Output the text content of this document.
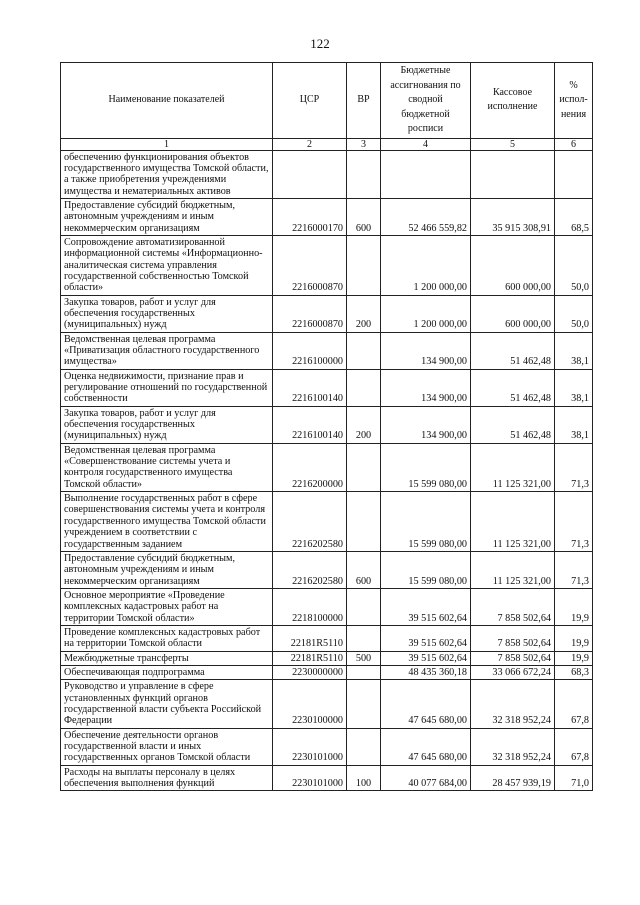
122
Наименование показателей	ЦСР	ВР	Бюджетные ассигнования по сводной бюджетной росписи	Кассовое исполнение	% испол-нения
1	2	3	4	5	6
обеспечению функционирования объектов государственного имущества Томской области, а также приобретения учреждениями имущества и нематериальных активов					
Предоставление субсидий бюджетным, автономным учреждениям и иным некоммерческим организациям	2216000170	600	52 466 559,82	35 915 308,91	68,5
Сопровождение автоматизированной информационной системы «Информационно-аналитическая система управления государственной собственностью Томской области»	2216000870		1 200 000,00	600 000,00	50,0
Закупка товаров, работ и услуг для обеспечения государственных (муниципальных) нужд	2216000870	200	1 200 000,00	600 000,00	50,0
Ведомственная целевая программа «Приватизация областного государственного имущества»	2216100000		134 900,00	51 462,48	38,1
Оценка недвижимости, признание прав и регулирование отношений по государственной собственности	2216100140		134 900,00	51 462,48	38,1
Закупка товаров, работ и услуг для обеспечения государственных (муниципальных) нужд	2216100140	200	134 900,00	51 462,48	38,1
Ведомственная целевая программа «Совершенствование системы учета и контроля государственного имущества Томской области»	2216200000		15 599 080,00	11 125 321,00	71,3
Выполнение государственных работ в сфере совершенствования системы учета и контроля государственного имущества Томской области учреждением в соответствии с государственным заданием	2216202580		15 599 080,00	11 125 321,00	71,3
Предоставление субсидий бюджетным, автономным учреждениям и иным некоммерческим организациям	2216202580	600	15 599 080,00	11 125 321,00	71,3
Основное мероприятие «Проведение комплексных кадастровых работ на территории Томской области»	2218100000		39 515 602,64	7 858 502,64	19,9
Проведение комплексных кадастровых работ на территории Томской области	22181R5110		39 515 602,64	7 858 502,64	19,9
Межбюджетные трансферты	22181R5110	500	39 515 602,64	7 858 502,64	19,9
Обеспечивающая подпрограмма	2230000000		48 435 360,18	33 066 672,24	68,3
Руководство и управление в сфере установленных функций органов государственной власти субъекта Российской Федерации	2230100000		47 645 680,00	32 318 952,24	67,8
Обеспечение деятельности органов государственной власти и иных государственных органов Томской области	2230101000		47 645 680,00	32 318 952,24	67,8
Расходы на выплаты персоналу в целях обеспечения выполнения функций	2230101000	100	40 077 684,00	28 457 939,19	71,0
